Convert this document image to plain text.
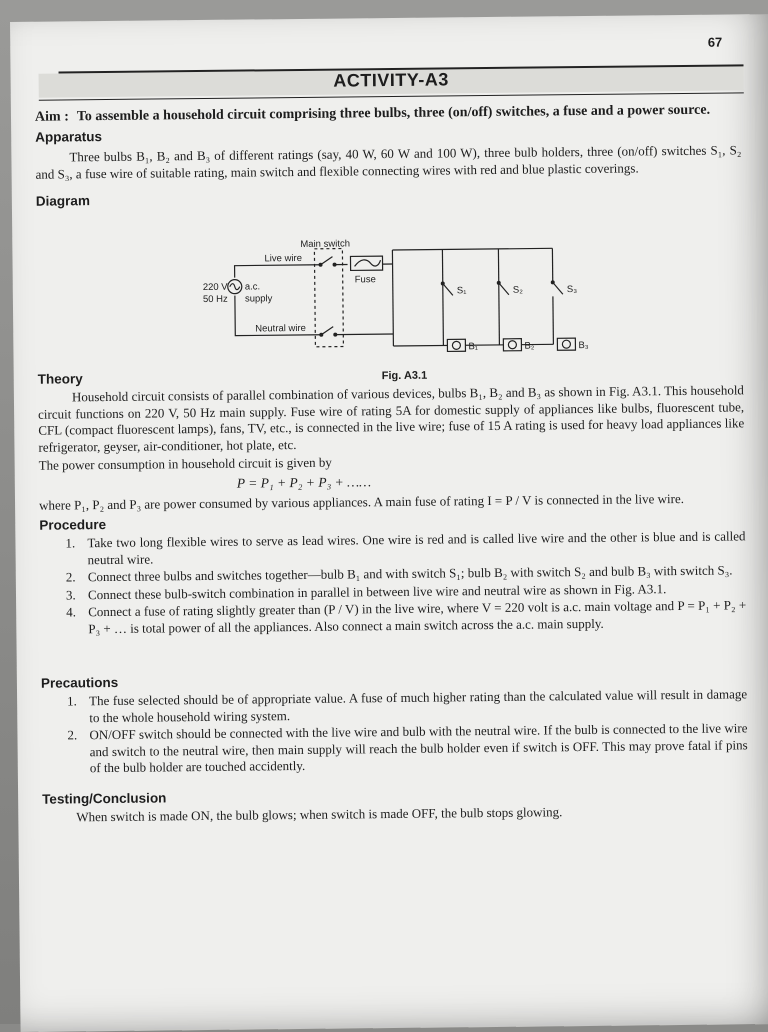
67
ACTIVITY-A3
Aim : To assemble a household circuit comprising three bulbs, three (on/off) switches, a fuse and a power source.
Apparatus
Three bulbs B₁, B₂ and B₃ of different ratings (say, 40 W, 60 W and 100 W), three bulb holders, three (on/off) switches S₁, S₂ and S₃, a fuse wire of suitable rating, main switch and flexible connecting wires with red and blue plastic coverings.
Diagram
Main switch
Live wire
220 V
50 Hz
a.c.
supply
Fuse
Neutral wire
S₁	S₂	S₃
B₁	B₂	B₃
Fig. A3.1
Theory
Household circuit consists of parallel combination of various devices, bulbs B₁, B₂ and B₃ as shown in Fig. A3.1. This household circuit functions on 220 V, 50 Hz main supply. Fuse wire of rating 5A for domestic supply of appliances like bulbs, fluorescent tube, CFL (compact fluorescent lamps), fans, TV, etc., is connected in the live wire; fuse of 15 A rating is used for heavy load appliances like refrigerator, geyser, air-conditioner, hot plate, etc.
The power consumption in household circuit is given by
P = P₁ + P₂ + P₃ + ……
where P₁, P₂ and P₃ are power consumed by various appliances. A main fuse of rating I = P / V is connected in the live wire.
Procedure
1. Take two long flexible wires to serve as lead wires. One wire is red and is called live wire and the other is blue and is called neutral wire.
2. Connect three bulbs and switches together—bulb B₁ and with switch S₁; bulb B₂ with switch S₂ and bulb B₃ with switch S₃.
3. Connect these bulb-switch combination in parallel in between live wire and neutral wire as shown in Fig. A3.1.
4. Connect a fuse of rating slightly greater than (P / V) in the live wire, where V = 220 volt is a.c. main voltage and P = P₁ + P₂ + P₃ + … is total power of all the appliances. Also connect a main switch across the a.c. main supply.
Precautions
1. The fuse selected should be of appropriate value. A fuse of much higher rating than the calculated value will result in damage to the whole household wiring system.
2. ON/OFF switch should be connected with the live wire and bulb with the neutral wire. If the bulb is connected to the live wire and switch to the neutral wire, then main supply will reach the bulb holder even if switch is OFF. This may prove fatal if pins of the bulb holder are touched accidently.
Testing/Conclusion
When switch is made ON, the bulb glows; when switch is made OFF, the bulb stops glowing.
